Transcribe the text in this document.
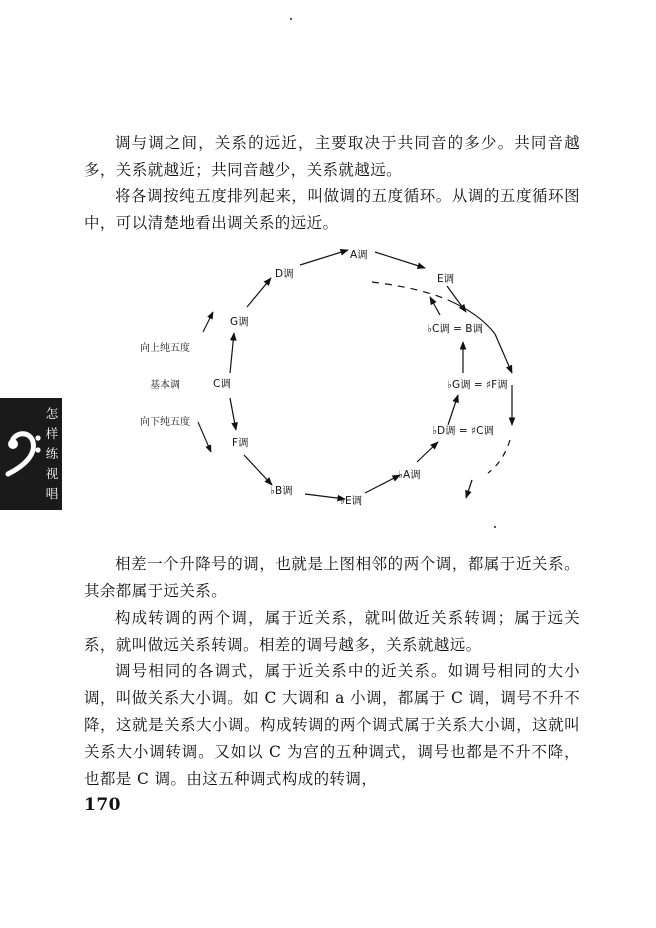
调与调之间，关系的远近，主要取决于共同音的多少。共同音越多，关系就越近；共同音越少，关系就越远。

将各调按纯五度排列起来，叫做调的五度循环。从调的五度循环图中，可以清楚地看出调关系的远近。

A调
E调
♭C调 = B调
♭G调 = ♯F调
♭D调 = ♯C调
♭A调
♭E调
♭B调
F调
C调
G调
D调
向上纯五度
基本调
向下纯五度

相差一个升降号的调，也就是上图相邻的两个调，都属于近关系。其余都属于远关系。

构成转调的两个调，属于近关系，就叫做近关系转调；属于远关系，就叫做远关系转调。相差的调号越多，关系就越远。

调号相同的各调式，属于近关系中的近关系。如调号相同的大小调，叫做关系大小调。如 C 大调和 a 小调，都属于 C 调，调号不升不降，这就是关系大小调。构成转调的两个调式属于关系大小调，这就叫关系大小调转调。又如以 C 为宫的五种调式，调号也都是不升不降，也都是 C 调。由这五种调式构成的转调，

170
怎
样
练
视
唱
